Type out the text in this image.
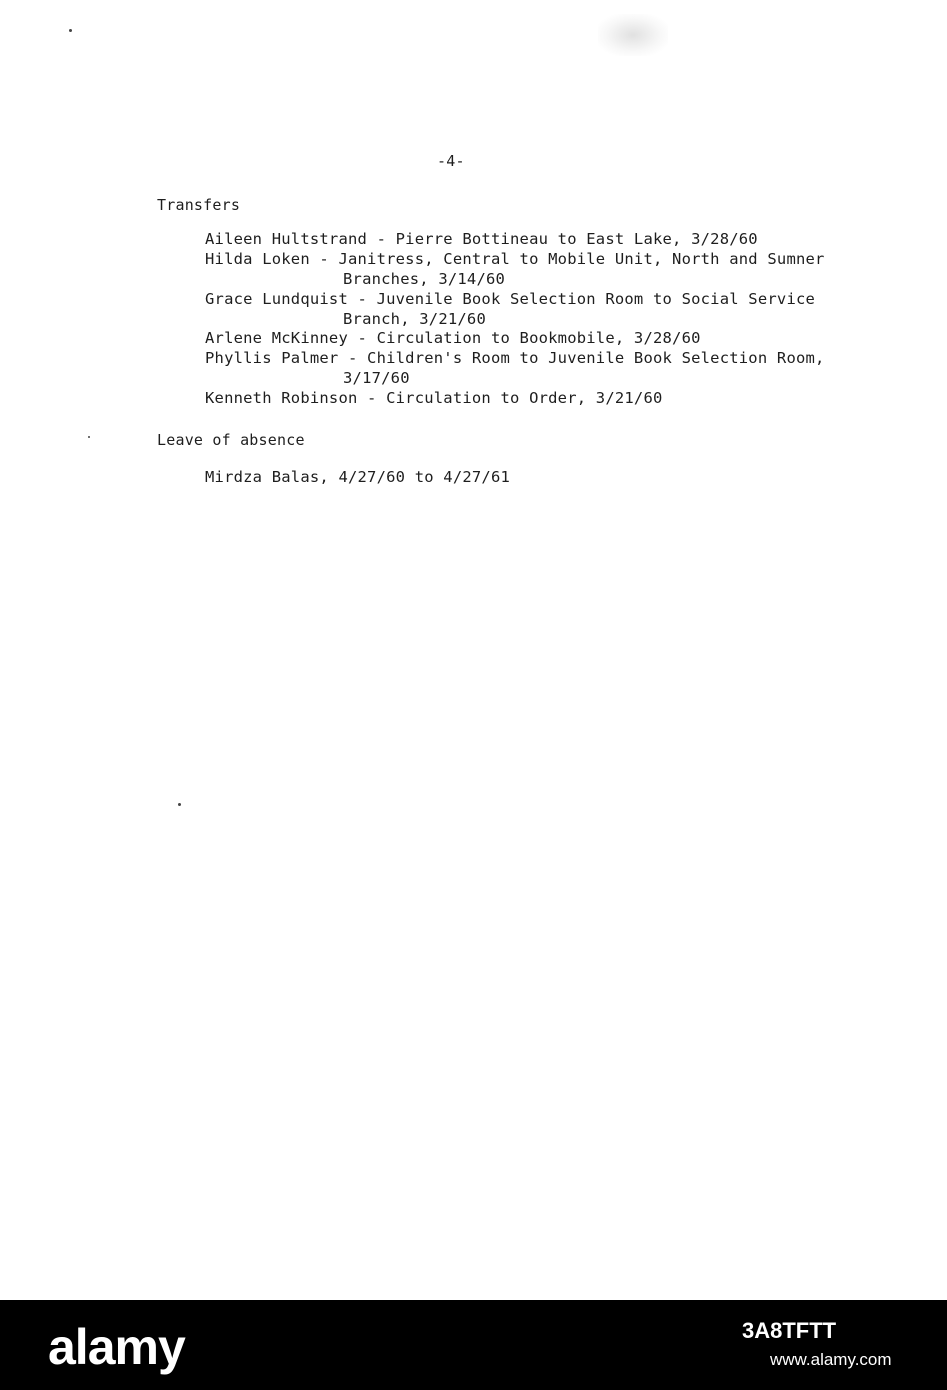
-4-
Transfers
Aileen Hultstrand - Pierre Bottineau to East Lake, 3/28/60
Hilda Loken - Janitress, Central to Mobile Unit, North and Sumner
Branches, 3/14/60
Grace Lundquist - Juvenile Book Selection Room to Social Service
Branch, 3/21/60
Arlene McKinney - Circulation to Bookmobile, 3/28/60
Phyllis Palmer - Children's Room to Juvenile Book Selection Room,
3/17/60
Kenneth Robinson - Circulation to Order, 3/21/60
Leave of absence
Mirdza Balas, 4/27/60 to 4/27/61
alamy	3A8TFTT
www.alamy.com
